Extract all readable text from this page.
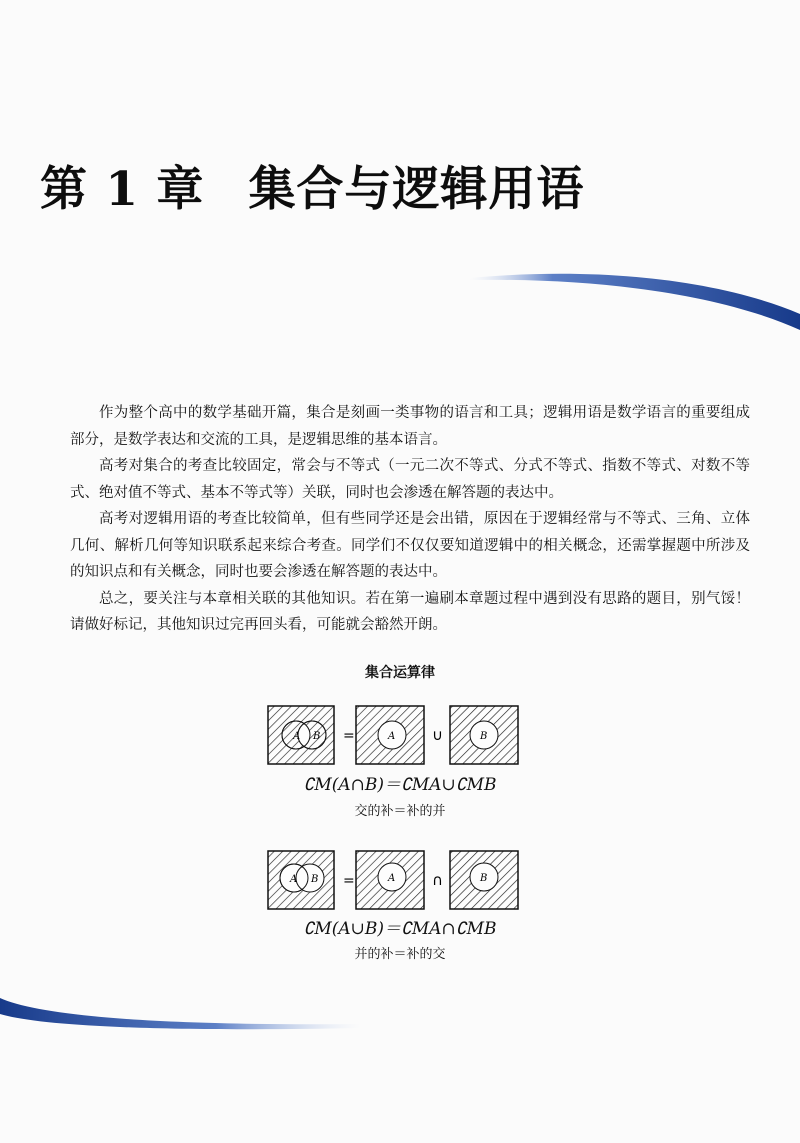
第 1 章 集合与逻辑用语

作为整个高中的数学基础开篇，集合是刻画一类事物的语言和工具；逻辑用语是数学语言的重要组成部分，是数学表达和交流的工具，是逻辑思维的基本语言。

高考对集合的考查比较固定，常会与不等式（一元二次不等式、分式不等式、指数不等式、对数不等式、绝对值不等式、基本不等式等）关联，同时也会渗透在解答题的表达中。

高考对逻辑用语的考查比较简单，但有些同学还是会出错，原因在于逻辑经常与不等式、三角、立体几何、解析几何等知识联系起来综合考查。同学们不仅仅要知道逻辑中的相关概念，还需掌握题中所涉及的知识点和有关概念，同时也要会渗透在解答题的表达中。

总之，要关注与本章相关联的其他知识。若在第一遍刷本章题过程中遇到没有思路的题目，别气馁！请做好标记，其他知识过完再回头看，可能就会豁然开朗。

集合运算律
A B =	A ∪	B
∁M(A∩B)＝∁MA∪∁MB
交的补＝补的并
A B =	A ∩	B
∁M(A∪B)＝∁MA∩∁MB
并的补＝补的交
